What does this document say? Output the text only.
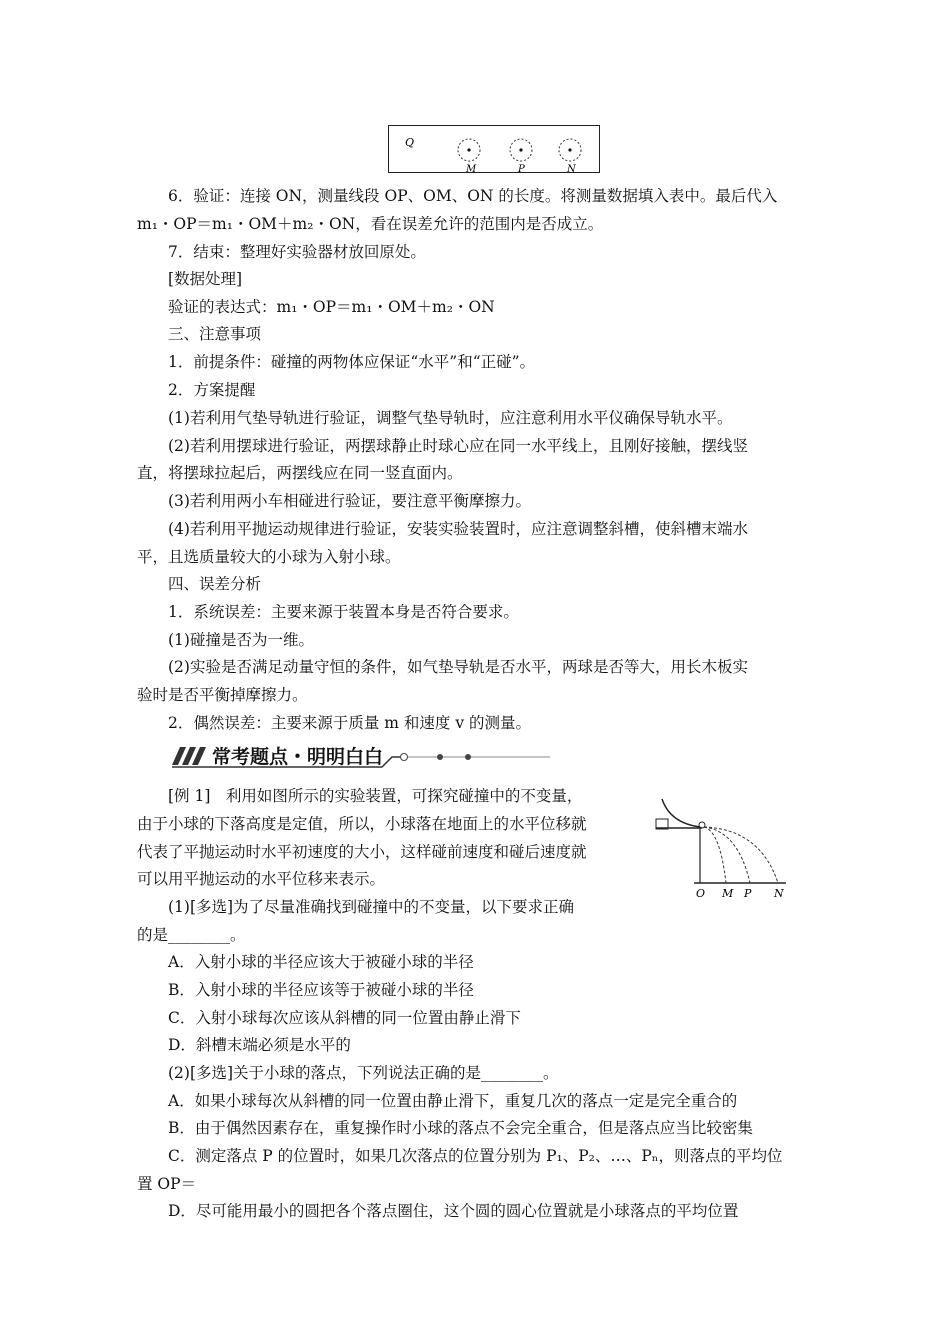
Q
M	P	N
6．验证：连接 ON，测量线段 OP、OM、ON 的长度。将测量数据填入表中。最后代入
m₁・OP＝m₁・OM＋m₂・ON，看在误差允许的范围内是否成立。
7．结束：整理好实验器材放回原处。
[数据处理]
验证的表达式：m₁・OP＝m₁・OM＋m₂・ON
三、注意事项
1．前提条件：碰撞的两物体应保证“水平”和“正碰”。
2．方案提醒
(1)若利用气垫导轨进行验证，调整气垫导轨时，应注意利用水平仪确保导轨水平。
(2)若利用摆球进行验证，两摆球静止时球心应在同一水平线上，且刚好接触，摆线竖
直，将摆球拉起后，两摆线应在同一竖直面内。
(3)若利用两小车相碰进行验证，要注意平衡摩擦力。
(4)若利用平抛运动规律进行验证，安装实验装置时，应注意调整斜槽，使斜槽末端水
平，且选质量较大的小球为入射小球。
四、误差分析
1．系统误差：主要来源于装置本身是否符合要求。
(1)碰撞是否为一维。
(2)实验是否满足动量守恒的条件，如气垫导轨是否水平，两球是否等大，用长木板实
验时是否平衡掉摩擦力。
2．偶然误差：主要来源于质量 m 和速度 v 的测量。
常考题点・明明白白
[例 1]　利用如图所示的实验装置，可探究碰撞中的不变量，
由于小球的下落高度是定值，所以，小球落在地面上的水平位移就
代表了平抛运动时水平初速度的大小，这样碰前速度和碰后速度就
可以用平抛运动的水平位移来表示。
(1)[多选]为了尽量准确找到碰撞中的不变量，以下要求正确
的是________。
A．入射小球的半径应该大于被碰小球的半径
B．入射小球的半径应该等于被碰小球的半径
C．入射小球每次应该从斜槽的同一位置由静止滑下
D．斜槽末端必须是水平的
(2)[多选]关于小球的落点，下列说法正确的是________。
A．如果小球每次从斜槽的同一位置由静止滑下，重复几次的落点一定是完全重合的
B．由于偶然因素存在，重复操作时小球的落点不会完全重合，但是落点应当比较密集
C．测定落点 P 的位置时，如果几次落点的位置分别为 P₁、P₂、…、Pₙ，则落点的平均位
置 OP＝
D．尽可能用最小的圆把各个落点圈住，这个圆的圆心位置就是小球落点的平均位置
O M P N
